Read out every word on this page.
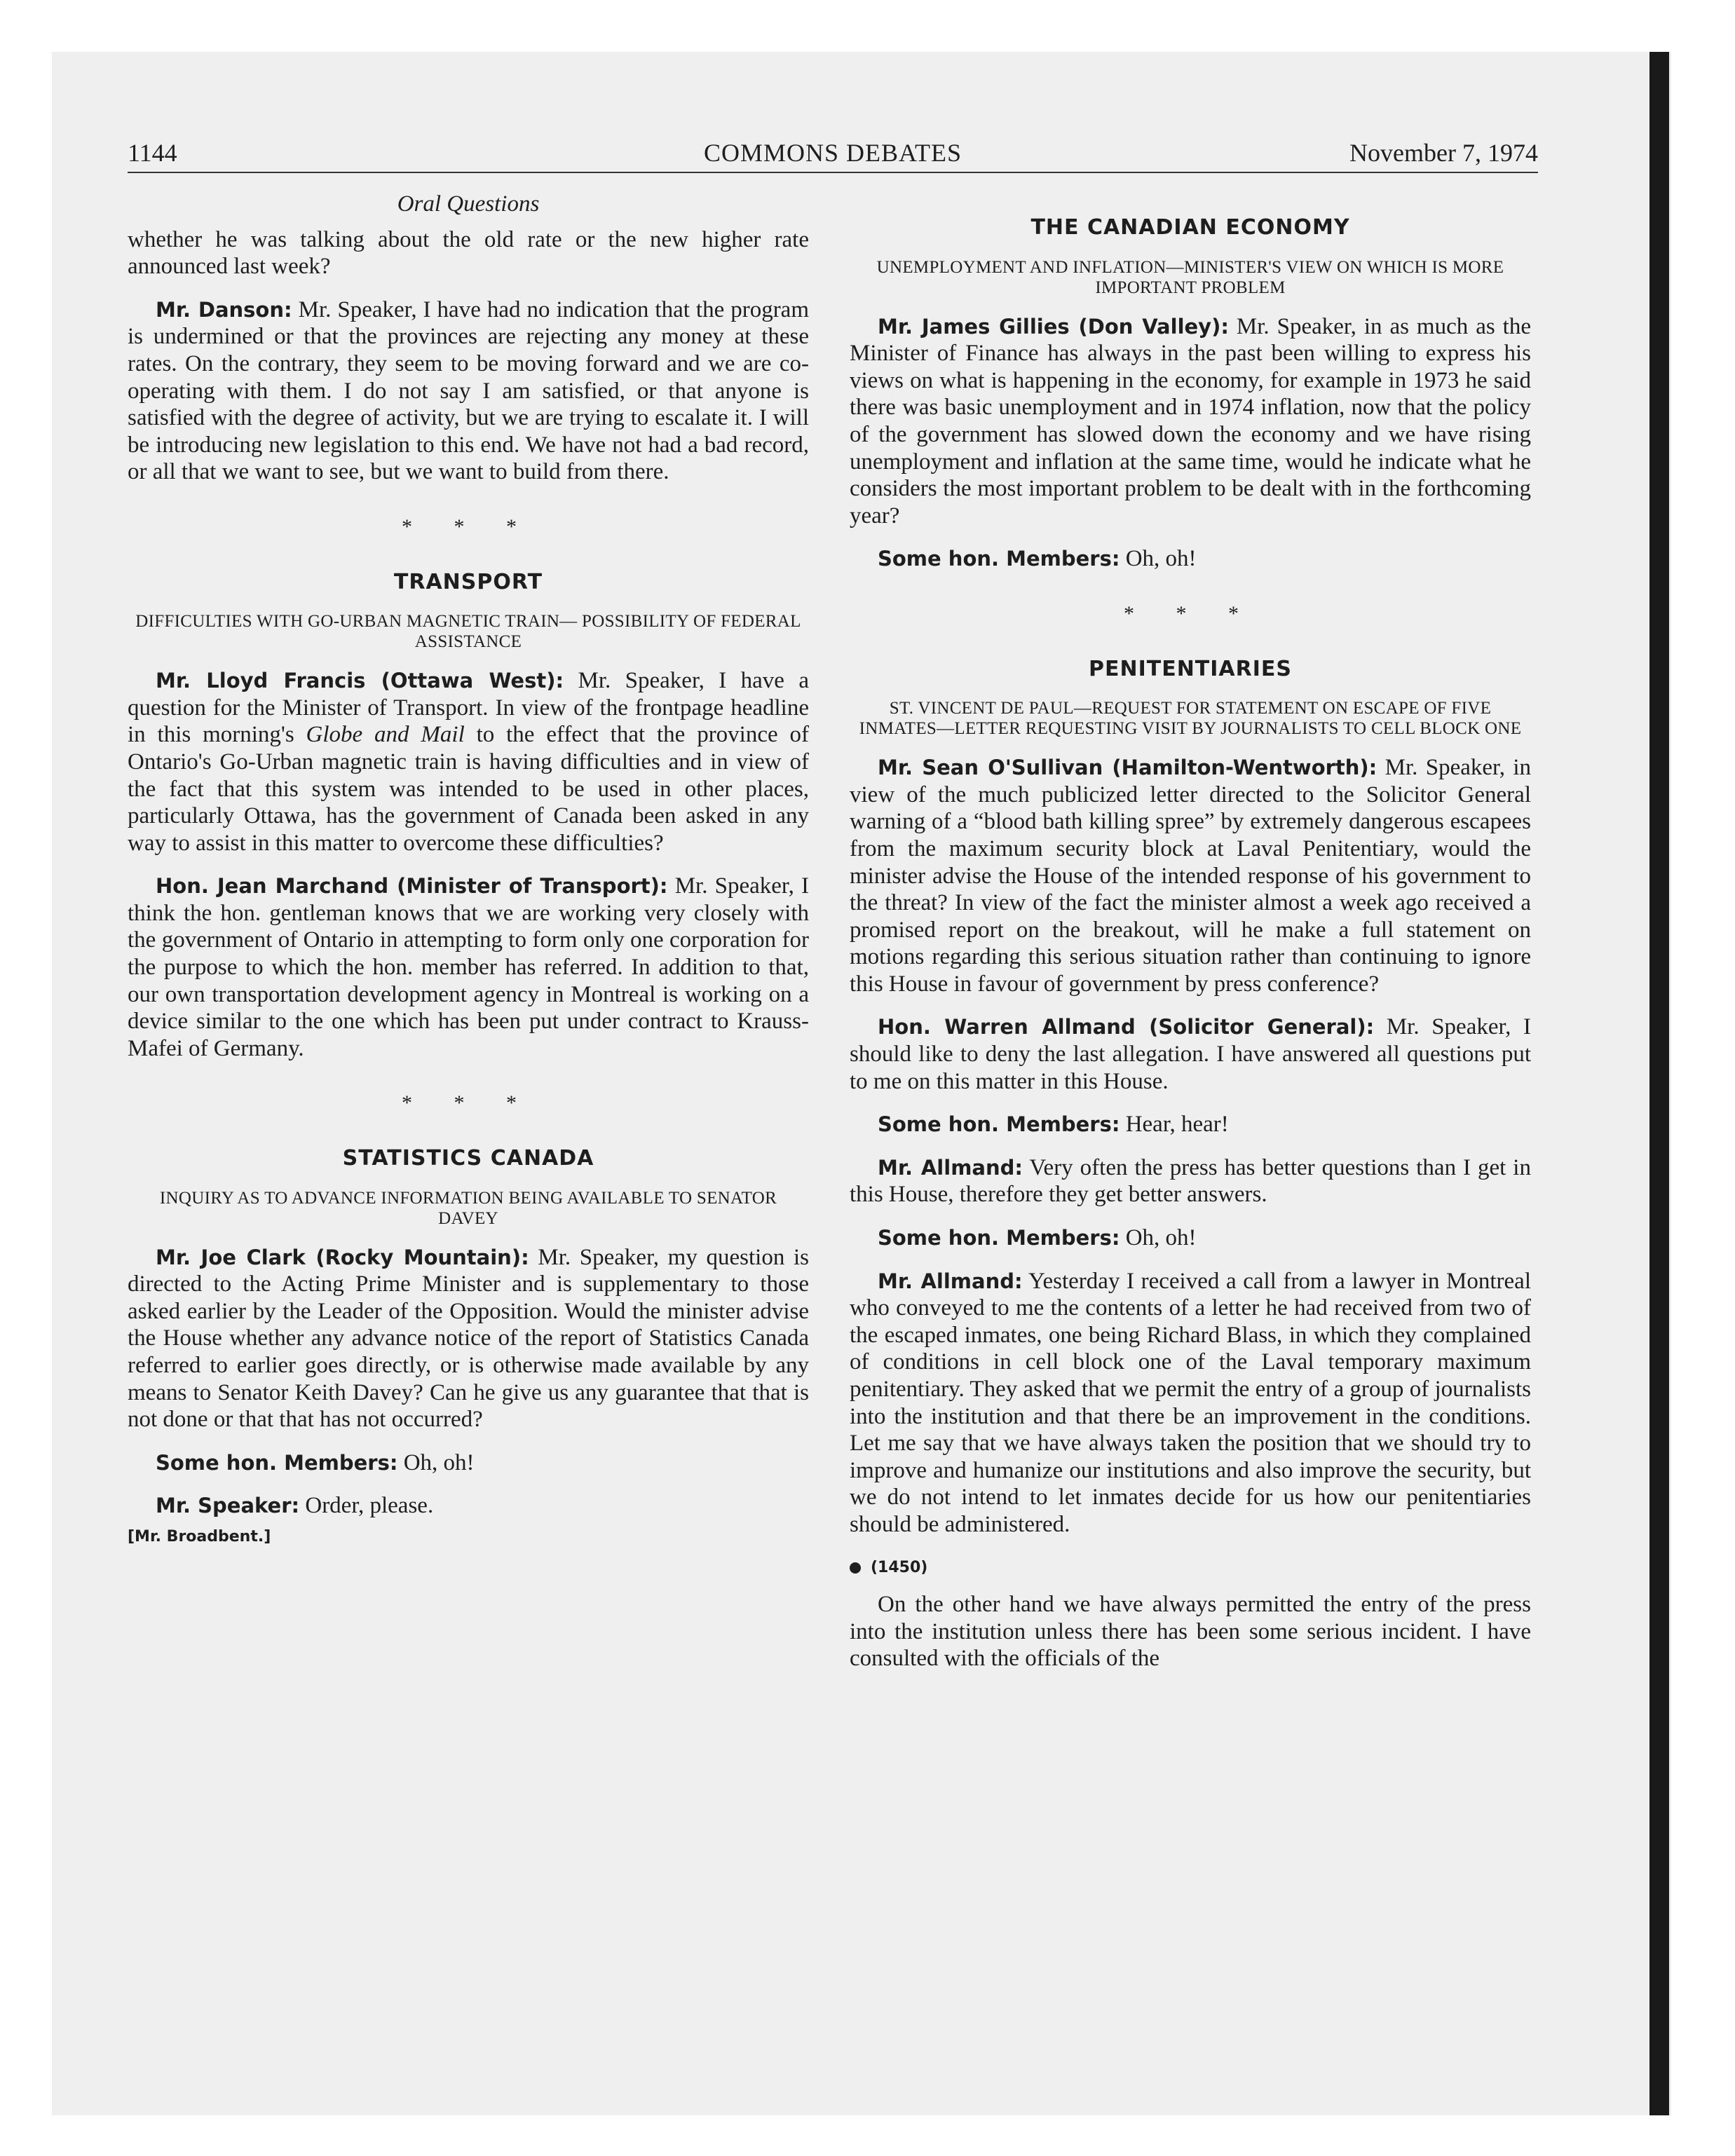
1144	COMMONS DEBATES	November 7, 1974
Oral Questions

whether he was talking about the old rate or the new higher rate announced last week?

Mr. Danson: Mr. Speaker, I have had no indication that the program is undermined or that the provinces are rejecting any money at these rates. On the contrary, they seem to be moving forward and we are co-operating with them. I do not say I am satisfied, or that anyone is satisfied with the degree of activity, but we are trying to escalate it. I will be introducing new legislation to this end. We have not had a bad record, or all that we want to see, but we want to build from there.

* * *
TRANSPORT
DIFFICULTIES WITH GO-URBAN MAGNETIC TRAIN— POSSIBILITY OF FEDERAL ASSISTANCE

Mr. Lloyd Francis (Ottawa West): Mr. Speaker, I have a question for the Minister of Transport. In view of the frontpage headline in this morning's Globe and Mail to the effect that the province of Ontario's Go-Urban magnetic train is having difficulties and in view of the fact that this system was intended to be used in other places, particularly Ottawa, has the government of Canada been asked in any way to assist in this matter to overcome these difficulties?

Hon. Jean Marchand (Minister of Transport): Mr. Speaker, I think the hon. gentleman knows that we are working very closely with the government of Ontario in attempting to form only one corporation for the purpose to which the hon. member has referred. In addition to that, our own transportation development agency in Montreal is working on a device similar to the one which has been put under contract to Krauss-Mafei of Germany.

* * *
STATISTICS CANADA
INQUIRY AS TO ADVANCE INFORMATION BEING AVAILABLE TO SENATOR DAVEY

Mr. Joe Clark (Rocky Mountain): Mr. Speaker, my question is directed to the Acting Prime Minister and is supplementary to those asked earlier by the Leader of the Opposition. Would the minister advise the House whether any advance notice of the report of Statistics Canada referred to earlier goes directly, or is otherwise made available by any means to Senator Keith Davey? Can he give us any guarantee that that is not done or that that has not occurred?

Some hon. Members: Oh, oh!

Mr. Speaker: Order, please.

[Mr. Broadbent.]
THE CANADIAN ECONOMY
UNEMPLOYMENT AND INFLATION—MINISTER'S VIEW ON WHICH IS MORE IMPORTANT PROBLEM

Mr. James Gillies (Don Valley): Mr. Speaker, in as much as the Minister of Finance has always in the past been willing to express his views on what is happening in the economy, for example in 1973 he said there was basic unemployment and in 1974 inflation, now that the policy of the government has slowed down the economy and we have rising unemployment and inflation at the same time, would he indicate what he considers the most important problem to be dealt with in the forthcoming year?

Some hon. Members: Oh, oh!

* * *
PENITENTIARIES
ST. VINCENT DE PAUL—REQUEST FOR STATEMENT ON ESCAPE OF FIVE INMATES—LETTER REQUESTING VISIT BY JOURNALISTS TO CELL BLOCK ONE

Mr. Sean O'Sullivan (Hamilton-Wentworth): Mr. Speaker, in view of the much publicized letter directed to the Solicitor General warning of a “blood bath killing spree” by extremely dangerous escapees from the maximum security block at Laval Penitentiary, would the minister advise the House of the intended response of his government to the threat? In view of the fact the minister almost a week ago received a promised report on the breakout, will he make a full statement on motions regarding this serious situation rather than continuing to ignore this House in favour of government by press conference?

Hon. Warren Allmand (Solicitor General): Mr. Speaker, I should like to deny the last allegation. I have answered all questions put to me on this matter in this House.

Some hon. Members: Hear, hear!

Mr. Allmand: Very often the press has better questions than I get in this House, therefore they get better answers.

Some hon. Members: Oh, oh!

Mr. Allmand: Yesterday I received a call from a lawyer in Montreal who conveyed to me the contents of a letter he had received from two of the escaped inmates, one being Richard Blass, in which they complained of conditions in cell block one of the Laval temporary maximum penitentiary. They asked that we permit the entry of a group of journalists into the institution and that there be an improvement in the conditions. Let me say that we have always taken the position that we should try to improve and humanize our institutions and also improve the security, but we do not intend to let inmates decide for us how our penitentiaries should be administered.

(1450)

On the other hand we have always permitted the entry of the press into the institution unless there has been some serious incident. I have consulted with the officials of the
